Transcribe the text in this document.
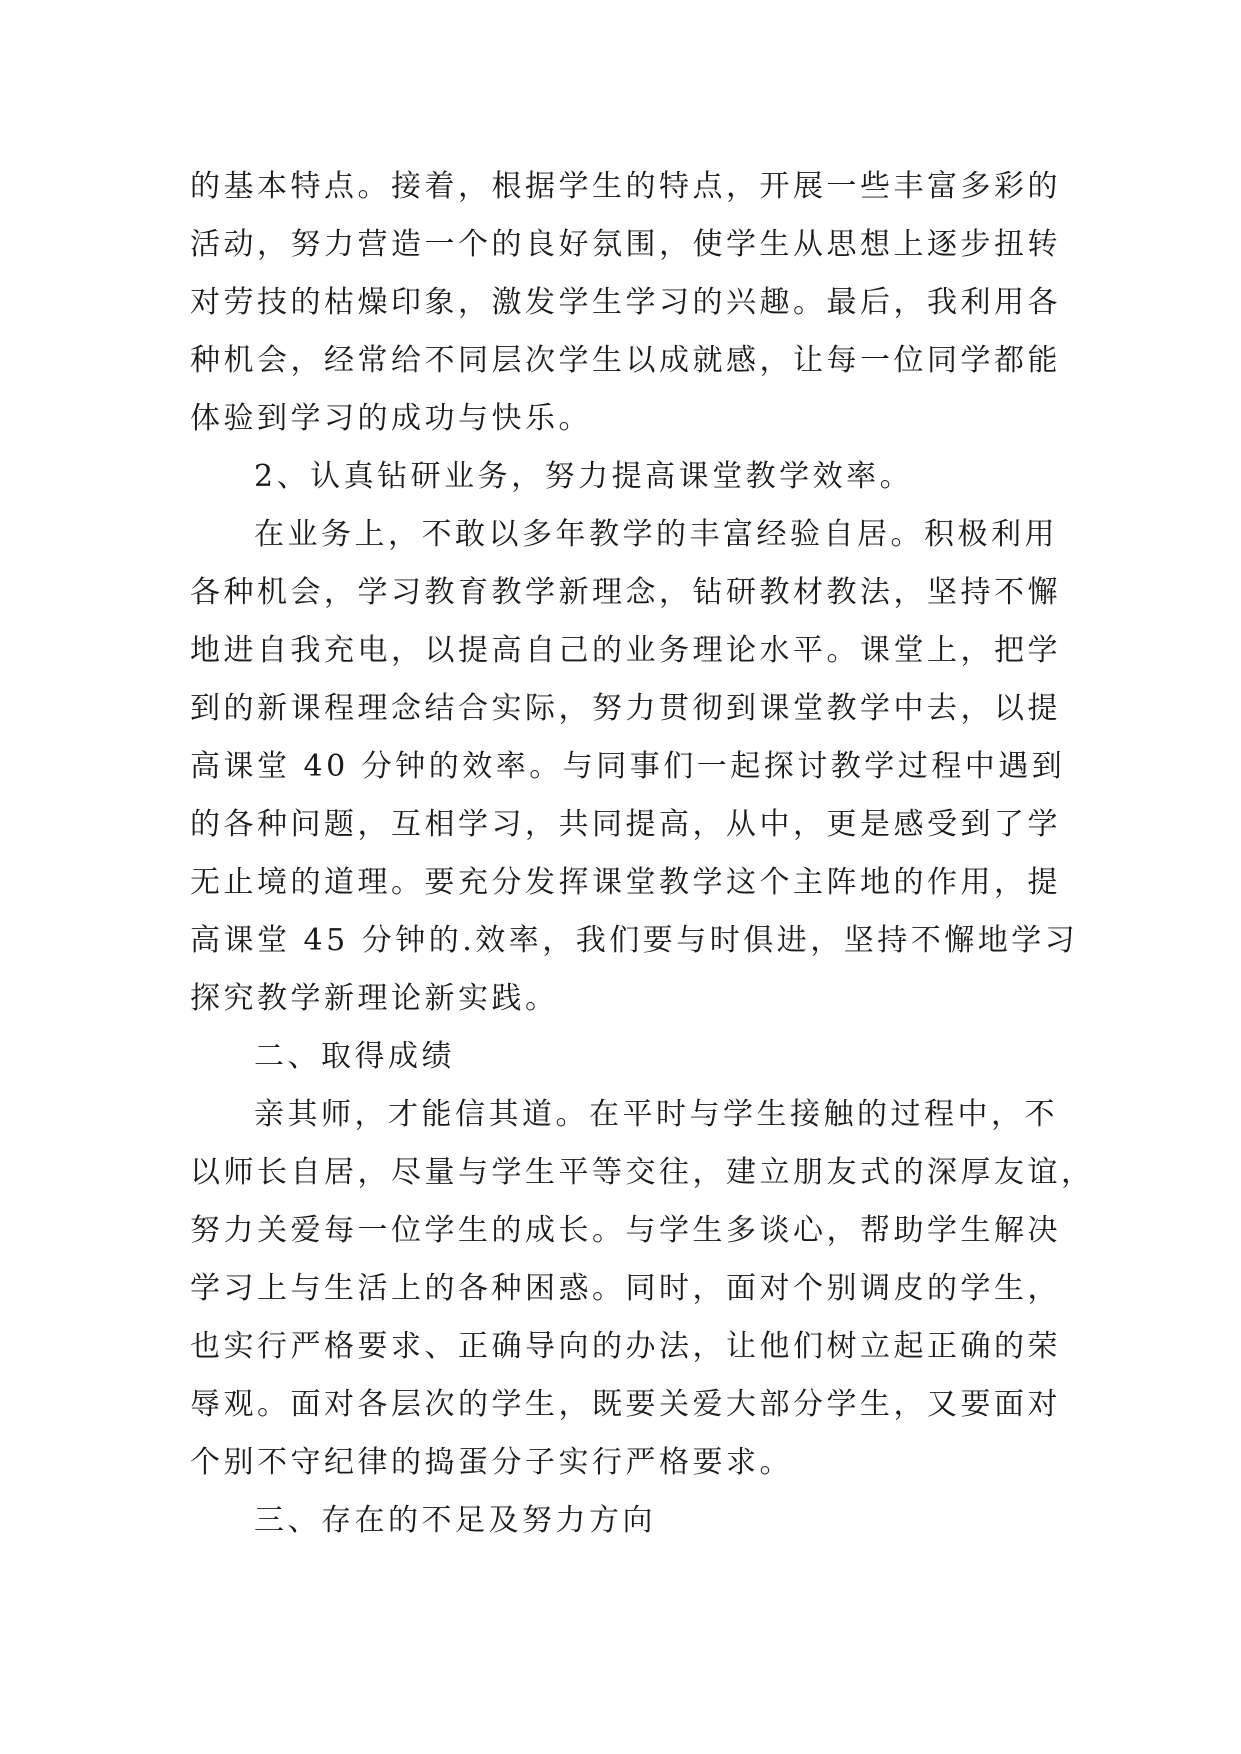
的基本特点。接着，根据学生的特点，开展一些丰富多彩的
活动，努力营造一个的良好氛围，使学生从思想上逐步扭转
对劳技的枯燥印象，激发学生学习的兴趣。最后，我利用各
种机会，经常给不同层次学生以成就感，让每一位同学都能
体验到学习的成功与快乐。
2、认真钻研业务，努力提高课堂教学效率。
在业务上，不敢以多年教学的丰富经验自居。积极利用
各种机会，学习教育教学新理念，钻研教材教法，坚持不懈
地进自我充电，以提高自己的业务理论水平。课堂上，把学
到的新课程理念结合实际，努力贯彻到课堂教学中去，以提
高课堂 40 分钟的效率。与同事们一起探讨教学过程中遇到
的各种问题，互相学习，共同提高，从中，更是感受到了学
无止境的道理。要充分发挥课堂教学这个主阵地的作用，提
高课堂 45 分钟的.效率，我们要与时俱进，坚持不懈地学习
探究教学新理论新实践。
二、取得成绩
亲其师，才能信其道。在平时与学生接触的过程中，不
以师长自居，尽量与学生平等交往，建立朋友式的深厚友谊，
努力关爱每一位学生的成长。与学生多谈心，帮助学生解决
学习上与生活上的各种困惑。同时，面对个别调皮的学生，
也实行严格要求、正确导向的办法，让他们树立起正确的荣
辱观。面对各层次的学生，既要关爱大部分学生，又要面对
个别不守纪律的捣蛋分子实行严格要求。
三、存在的不足及努力方向
